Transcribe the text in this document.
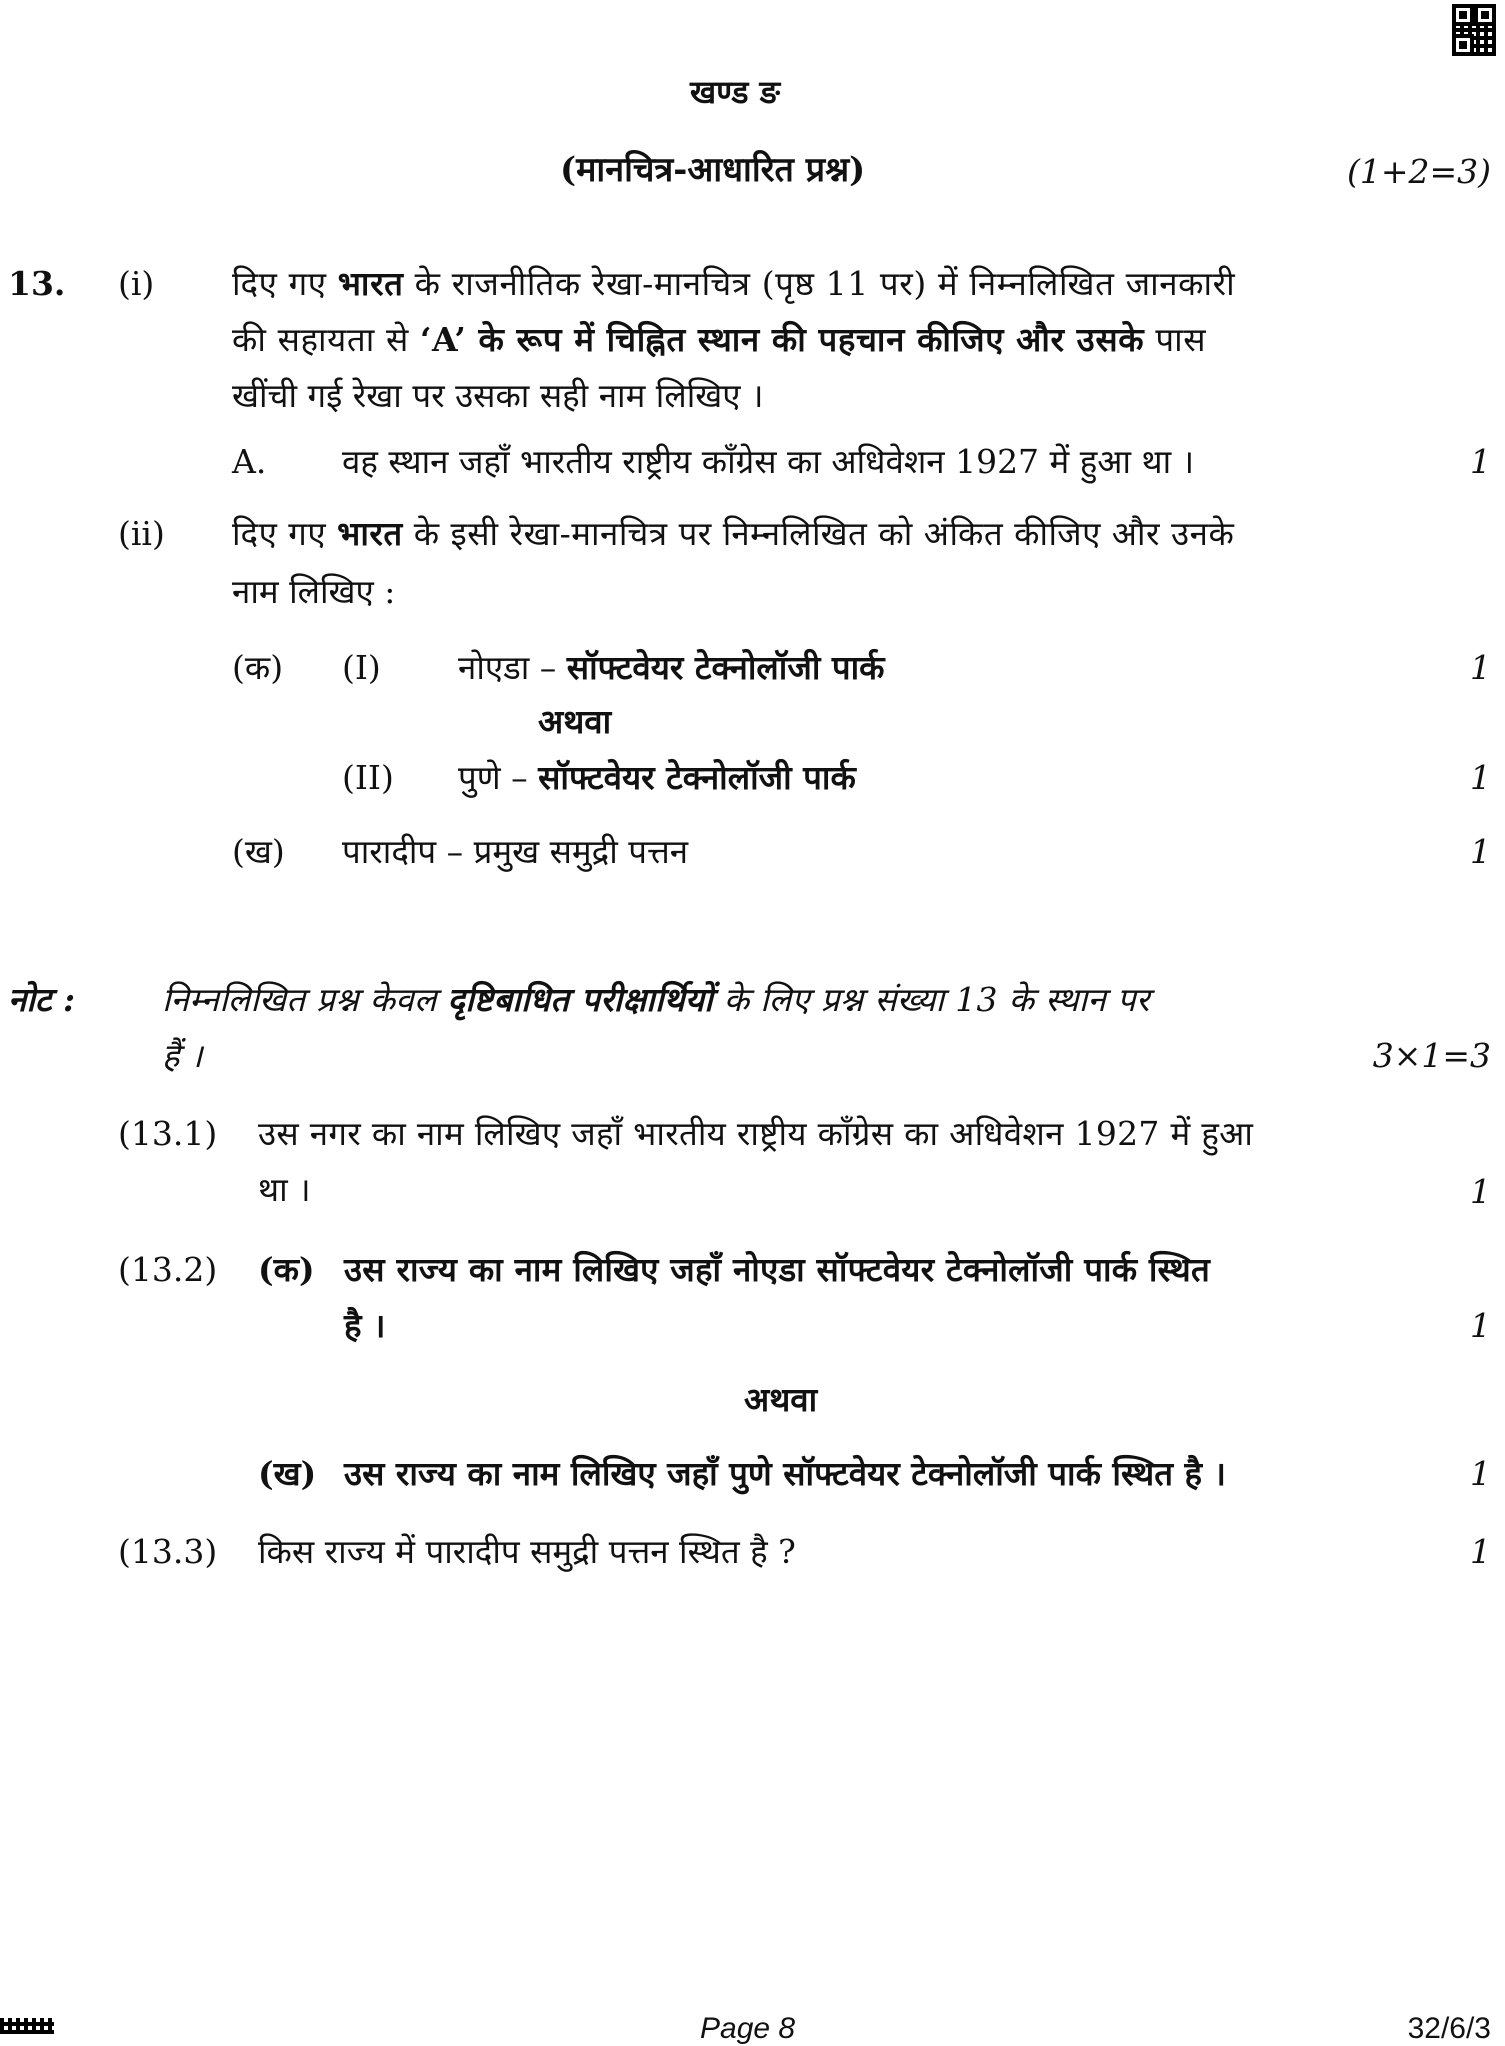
खण्ड ङ
(मानचित्र-आधारित प्रश्न)	(1+2=3)
13. (i) दिए गए भारत के राजनीतिक रेखा-मानचित्र (पृष्ठ 11 पर) में निम्नलिखित जानकारी
की सहायता से ‘A’ के रूप में चिह्नित स्थान की पहचान कीजिए और उसके पास
खींची गई रेखा पर उसका सही नाम लिखिए ।
A. वह स्थान जहाँ भारतीय राष्ट्रीय काँग्रेस का अधिवेशन 1927 में हुआ था ।	1
(ii) दिए गए भारत के इसी रेखा-मानचित्र पर निम्नलिखित को अंकित कीजिए और उनके
नाम लिखिए :
(क) (I) नोएडा – सॉफ्टवेयर टेक्नोलॉजी पार्क	1
अथवा
(II) पुणे – सॉफ्टवेयर टेक्नोलॉजी पार्क	1
(ख) पारादीप – प्रमुख समुद्री पत्तन	1
नोट :	निम्नलिखित प्रश्न केवल दृष्टिबाधित परीक्षार्थियों के लिए प्रश्न संख्या 13 के स्थान पर
हैं ।	3×1=3
(13.1) उस नगर का नाम लिखिए जहाँ भारतीय राष्ट्रीय काँग्रेस का अधिवेशन 1927 में हुआ
था ।	1
(13.2) (क) उस राज्य का नाम लिखिए जहाँ नोएडा सॉफ्टवेयर टेक्नोलॉजी पार्क स्थित
है ।	1
अथवा
(ख) उस राज्य का नाम लिखिए जहाँ पुणे सॉफ्टवेयर टेक्नोलॉजी पार्क स्थित है ।	1
(13.3) किस राज्य में पारादीप समुद्री पत्तन स्थित है ?	1
Page 8	32/6/3
